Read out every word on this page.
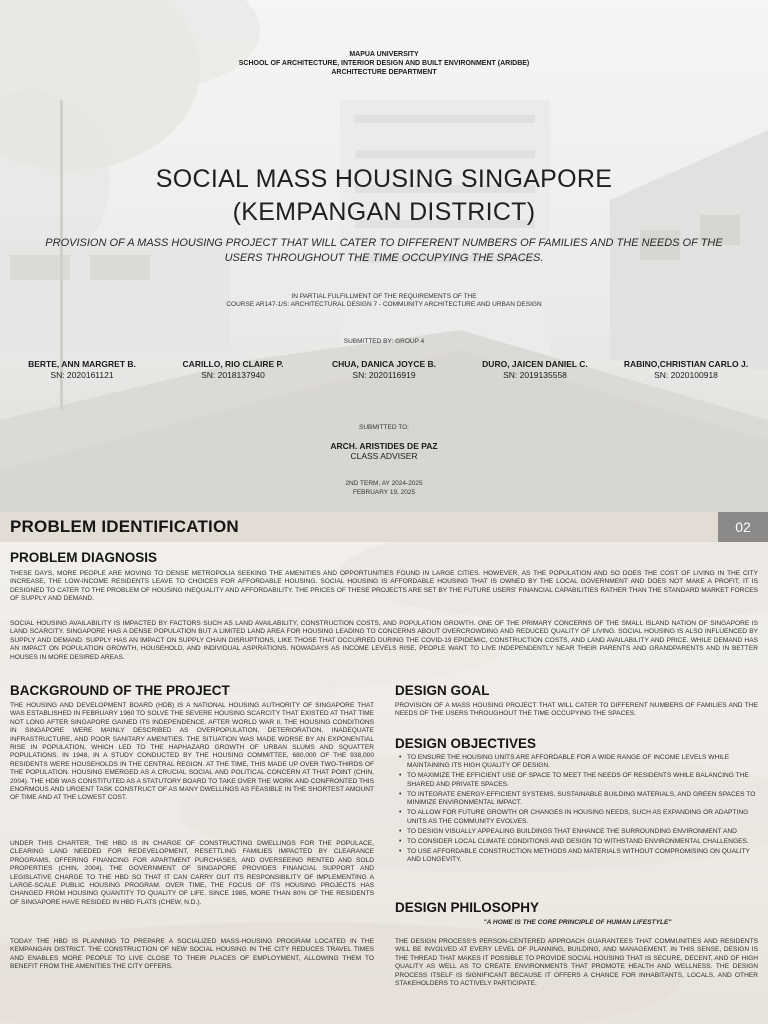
MAPUA UNIVERSITY
SCHOOL OF ARCHITECTURE, INTERIOR DESIGN AND BUILT ENVIRONMENT (ARIDBE)
ARCHITECTURE DEPARTMENT
SOCIAL MASS HOUSING SINGAPORE
(KEMPANGAN DISTRICT)
PROVISION OF A MASS HOUSING PROJECT THAT WILL CATER TO DIFFERENT NUMBERS OF FAMILIES AND THE NEEDS OF THE USERS THROUGHOUT THE TIME OCCUPYING THE SPACES.
IN PARTIAL FULFILLMENT OF THE REQUIREMENTS OF THE
COURSE AR147-1/S: ARCHITECTURAL DESIGN 7 - COMMUNITY ARCHITECTURE AND URBAN DESIGN
SUBMITTED BY: GROUP 4
BERTE, ANN MARGRET B.
SN: 2020161121
CARILLO, RIO CLAIRE P.
SN: 2018137940
CHUA, DANICA JOYCE B.
SN: 2020116919
DURO, JAICEN DANIEL C.
SN: 2019135558
RABINO,CHRISTIAN CARLO J.
SN: 2020100918
SUBMITTED TO:
ARCH. ARISTIDES DE PAZ
CLASS ADVISER
2ND TERM, AY 2024-2025
FEBRUARY 19, 2025
PROBLEM IDENTIFICATION	02
PROBLEM DIAGNOSIS
THESE DAYS, MORE PEOPLE ARE MOVING TO DENSE METROPOLIA SEEKING THE AMENITIES AND OPPORTUNITIES FOUND IN LARGE CITIES. HOWEVER, AS THE POPULATION AND SO DOES THE COST OF LIVING IN THE CITY INCREASE, THE LOW-INCOME RESIDENTS LEAVE TO CHOICES FOR AFFORDABLE HOUSING. SOCIAL HOUSING IS AFFORDABLE HOUSING THAT IS OWNED BY THE LOCAL GOVERNMENT AND DOES NOT MAKE A PROFIT, IT IS DESIGNED TO CATER TO THE PROBLEM OF HOUSING INEQUALITY AND AFFORDABILITY. THE PRICES OF THESE PROJECTS ARE SET BY THE FUTURE USERS' FINANCIAL CAPABILITIES RATHER THAN THE STANDARD MARKET FORCES OF SUPPLY AND DEMAND.
SOCIAL HOUSING AVAILABILITY IS IMPACTED BY FACTORS SUCH AS LAND AVAILABILITY, CONSTRUCTION COSTS, AND POPULATION GROWTH. ONE OF THE PRIMARY CONCERNS OF THE SMALL ISLAND NATION OF SINGAPORE IS LAND SCARCITY. SINGAPORE HAS A DENSE POPULATION BUT A LIMITED LAND AREA FOR HOUSING LEADING TO CONCERNS ABOUT OVERCROWDING AND REDUCED QUALITY OF LIVING. SOCIAL HOUSING IS ALSO INFLUENCED BY SUPPLY AND DEMAND. SUPPLY HAS AN IMPACT ON SUPPLY CHAIN DISRUPTIONS, LIKE THOSE THAT OCCURRED DURING THE COVID-19 EPIDEMIC, CONSTRUCTION COSTS, AND LAND AVAILABILITY AND PRICE. WHILE DEMAND HAS AN IMPACT ON POPULATION GROWTH, HOUSEHOLD, AND INDIVIDUAL ASPIRATIONS. NOWADAYS AS INCOME LEVELS RISE, PEOPLE WANT TO LIVE INDEPENDENTLY NEAR THEIR PARENTS AND GRANDPARENTS AND IN BETTER HOUSES IN MORE DESIRED AREAS.
BACKGROUND OF THE PROJECT
THE HOUSING AND DEVELOPMENT BOARD (HDB) IS A NATIONAL HOUSING AUTHORITY OF SINGAPORE THAT WAS ESTABLISHED IN FEBRUARY 1960 TO SOLVE THE SEVERE HOUSING SCARCITY THAT EXISTED AT THAT TIME NOT LONG AFTER SINGAPORE GAINED ITS INDEPENDENCE. AFTER WORLD WAR II, THE HOUSING CONDITIONS IN SINGAPORE WERE MAINLY DESCRIBED AS OVERPOPULATION, DETERIORATION, INADEQUATE INFRASTRUCTURE, AND POOR SANITARY AMENITIES. THE SITUATION WAS MADE WORSE BY AN EXPONENTIAL RISE IN POPULATION, WHICH LED TO THE HAPHAZARD GROWTH OF URBAN SLUMS AND SQUATTER POPULATIONS. IN 1948, IN A STUDY CONDUCTED BY THE HOUSING COMMITTEE, 680,000 OF THE 938,000 RESIDENTS WERE HOUSEHOLDS IN THE CENTRAL REGION. AT THE TIME, THIS MADE UP OVER TWO-THIRDS OF THE POPULATION. HOUSING EMERGED AS A CRUCIAL SOCIAL AND POLITICAL CONCERN AT THAT POINT (CHIN, 2004). THE HDB WAS CONSTITUTED AS A STATUTORY BOARD TO TAKE OVER THE WORK AND CONFRONTED THIS ENORMOUS AND URGENT TASK CONSTRUCT OF AS MANY DWELLINGS AS FEASIBLE IN THE SHORTEST AMOUNT OF TIME AND AT THE LOWEST COST.
UNDER THIS CHARTER, THE HBD IS IN CHARGE OF CONSTRUCTING DWELLINGS FOR THE POPULACE, CLEARING LAND NEEDED FOR REDEVELOPMENT, RESETTLING FAMILIES IMPACTED BY CLEARANCE PROGRAMS, OFFERING FINANCING FOR APARTMENT PURCHASES, AND OVERSEEING RENTED AND SOLD PROPERTIES (CHIN, 2004). THE GOVERNMENT OF SINGAPORE PROVIDES FINANCIAL SUPPORT AND LEGISLATIVE CHARGE TO THE HBD SO THAT IT CAN CARRY OUT ITS RESPONSIBILITY OF IMPLEMENTING A LARGE-SCALE PUBLIC HOUSING PROGRAM. OVER TIME, THE FOCUS OF ITS HOUSING PROJECTS HAS CHANGED FROM HOUSING QUANTITY TO QUALITY OF LIFE. SINCE 1985, MORE THAN 80% OF THE RESIDENTS OF SINGAPORE HAVE RESIDED IN HBD FLATS (CHEW, N.D.).
TODAY THE HBD IS PLANNING TO PREPARE A SOCIALIZED MASS-HOUSING PROGRAM LOCATED IN THE KEMPANGAN DISTRICT. THE CONSTRUCTION OF NEW SOCIAL HOUSING IN THE CITY REDUCES TRAVEL TIMES AND ENABLES MORE PEOPLE TO LIVE CLOSE TO THEIR PLACES OF EMPLOYMENT, ALLOWING THEM TO BENEFIT FROM THE AMENITIES THE CITY OFFERS.
DESIGN GOAL
PROVISION OF A MASS HOUSING PROJECT THAT WILL CATER TO DIFFERENT NUMBERS OF FAMILIES AND THE NEEDS OF THE USERS THROUGHOUT THE TIME OCCUPYING THE SPACES.
DESIGN OBJECTIVES
• TO ENSURE THE HOUSING UNITS ARE AFFORDABLE FOR A WIDE RANGE OF INCOME LEVELS WHILE MAINTAINING ITS HIGH QUALITY OF DESIGN.
• TO MAXIMIZE THE EFFICIENT USE OF SPACE TO MEET THE NEEDS OF RESIDENTS WHILE BALANCING THE SHARED AND PRIVATE SPACES.
• TO INTEGRATE ENERGY-EFFICIENT SYSTEMS, SUSTAINABLE BUILDING MATERIALS, AND GREEN SPACES TO MINIMIZE ENVIRONMENTAL IMPACT.
• TO ALLOW FOR FUTURE GROWTH OR CHANGES IN HOUSING NEEDS, SUCH AS EXPANDING OR ADAPTING UNITS AS THE COMMUNITY EVOLVES.
• TO DESIGN VISUALLY APPEALING BUILDINGS THAT ENHANCE THE SURROUNDING ENVIRONMENT AND
• TO CONSIDER LOCAL CLIMATE CONDITIONS AND DESIGN TO WITHSTAND ENVIRONMENTAL CHALLENGES.
• TO USE AFFORDABLE CONSTRUCTION METHODS AND MATERIALS WITHOUT COMPROMISING ON QUALITY AND LONGEVITY.
DESIGN PHILOSOPHY
"A HOME IS THE CORE PRINCIPLE OF HUMAN LIFESTYLE"
THE DESIGN PROCESS'S PERSON-CENTERED APPROACH GUARANTEES THAT COMMUNITIES AND RESIDENTS WILL BE INVOLVED AT EVERY LEVEL OF PLANNING, BUILDING, AND MANAGEMENT. IN THIS SENSE, DESIGN IS THE THREAD THAT MAKES IT POSSIBLE TO PROVIDE SOCIAL HOUSING THAT IS SECURE, DECENT, AND OF HIGH QUALITY AS WELL AS TO CREATE ENVIRONMENTS THAT PROMOTE HEALTH AND WELLNESS. THE DESIGN PROCESS ITSELF IS SIGNIFICANT BECAUSE IT OFFERS A CHANCE FOR INHABITANTS, LOCALS, AND OTHER STAKEHOLDERS TO ACTIVELY PARTICIPATE.
